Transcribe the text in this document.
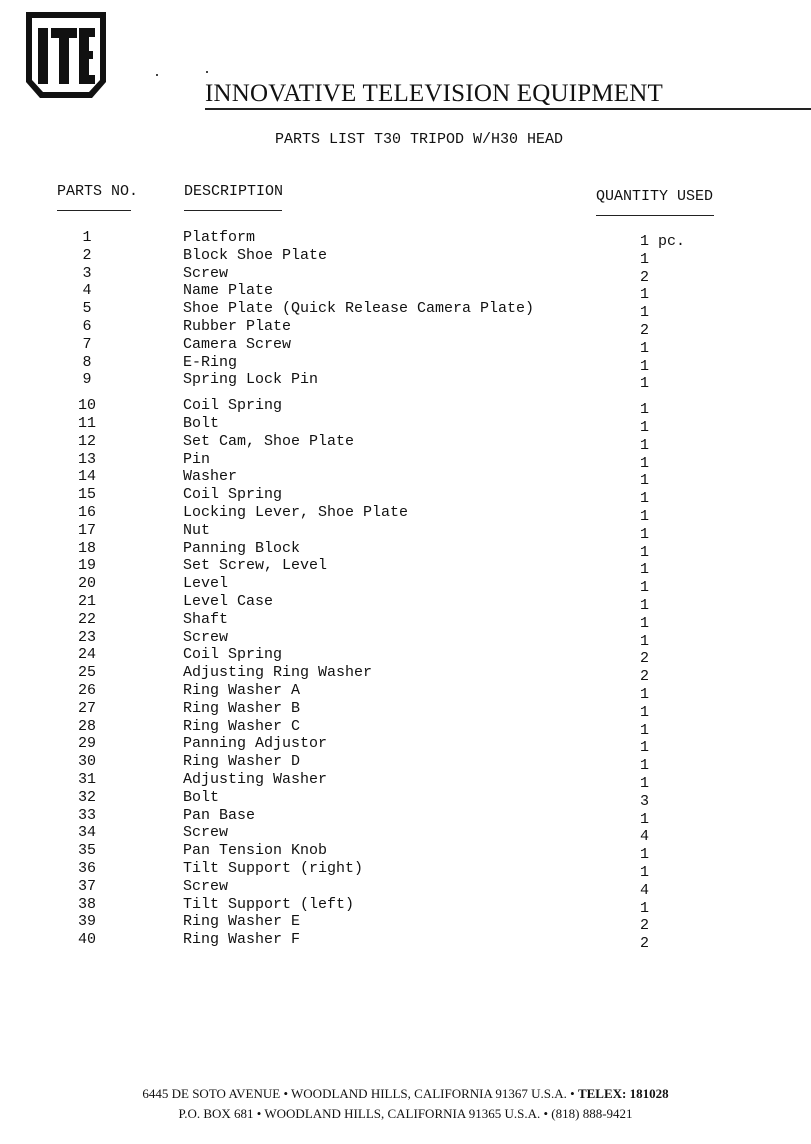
INNOVATIVE TELEVISION EQUIPMENT
PARTS LIST T30 TRIPOD W/H30 HEAD
PARTS NO.	DESCRIPTION	QUANTITY USED
1	Platform	1 pc.
2	Block Shoe Plate	1
3	Screw	2
4	Name Plate	1
5	Shoe Plate (Quick Release Camera Plate)	1
6	Rubber Plate	2
7	Camera Screw	1
8	E-Ring	1
9	Spring Lock Pin	1
10	Coil Spring	1
11	Bolt	1
12	Set Cam, Shoe Plate	1
13	Pin	1
14	Washer	1
15	Coil Spring	1
16	Locking Lever, Shoe Plate	1
17	Nut	1
18	Panning Block	1
19	Set Screw, Level	1
20	Level	1
21	Level Case	1
22	Shaft	1
23	Screw	1
24	Coil Spring	2
25	Adjusting Ring Washer	2
26	Ring Washer A	1
27	Ring Washer B	1
28	Ring Washer C	1
29	Panning Adjustor	1
30	Ring Washer D	1
31	Adjusting Washer	1
32	Bolt	3
33	Pan Base	1
34	Screw	4
35	Pan Tension Knob	1
36	Tilt Support (right)	1
37	Screw	4
38	Tilt Support (left)	1
39	Ring Washer E	2
40	Ring Washer F	2
6445 DE SOTO AVENUE • WOODLAND HILLS, CALIFORNIA 91367 U.S.A. • TELEX: 181028
P.O. BOX 681 • WOODLAND HILLS, CALIFORNIA 91365 U.S.A. • (818) 888-9421
